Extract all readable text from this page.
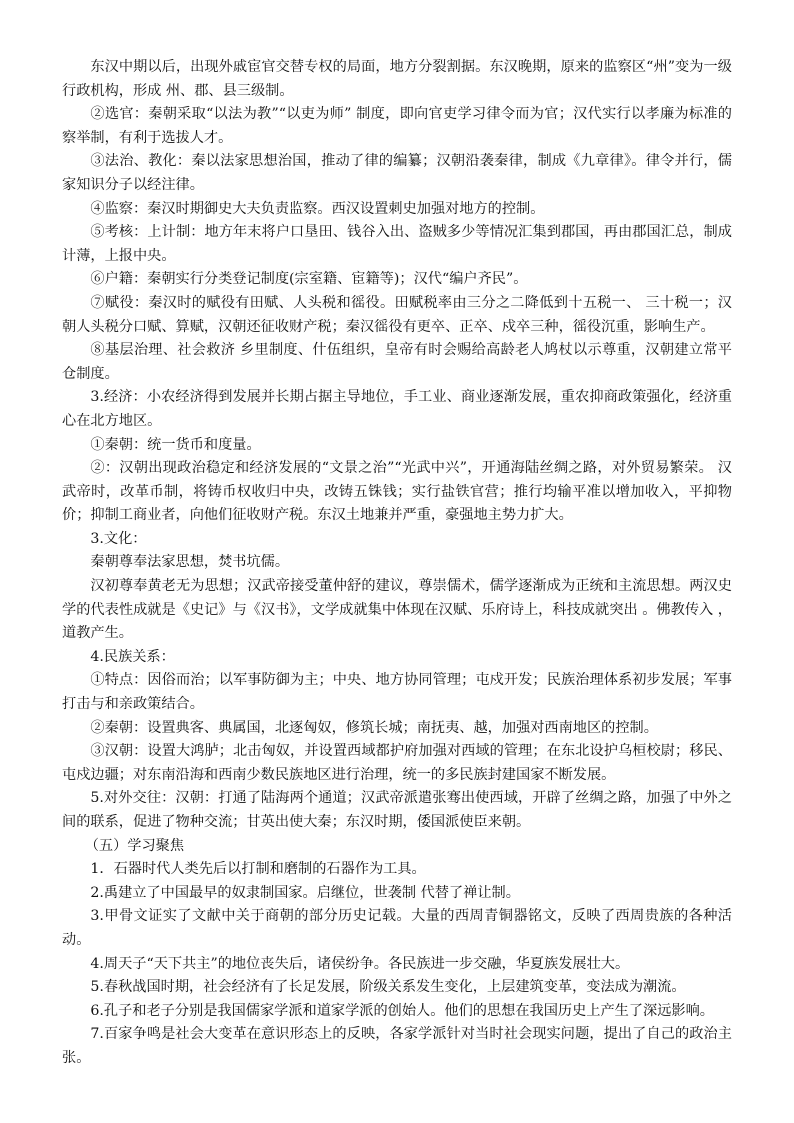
东汉中期以后，出现外戚宦官交替专权的局面，地方分裂割据。东汉晚期，原来的监察区“州”变为一级行政机构，形成 州、郡、县三级制。

②选官：秦朝采取“以法为教”“以吏为师” 制度，即向官吏学习律令而为官；汉代实行以孝廉为标准的察举制，有利于选拔人才。

③法治、教化：秦以法家思想治国，推动了律的编纂；汉朝沿袭秦律，制成《九章律》。律令并行，儒家知识分子以经注律。

④监察：秦汉时期御史大夫负责监察。西汉设置刺史加强对地方的控制。

⑤考核：上计制：地方年末将户口垦田、钱谷入出、盗贼多少等情况汇集到郡国，再由郡国汇总，制成计薄，上报中央。

⑥户籍：秦朝实行分类登记制度(宗室籍、宦籍等)；汉代“编户齐民”。

⑦赋役：秦汉时的赋役有田赋、人头税和徭役。田赋税率由三分之二降低到十五税一、 三十税一；汉朝人头税分口赋、算赋，汉朝还征收财产税；秦汉徭役有更卒、正卒、戍卒三种，徭役沉重，影响生产。

⑧基层治理、社会救济 乡里制度、什伍组织，皇帝有时会赐给高龄老人鸠杖以示尊重，汉朝建立常平仓制度。

3.经济：小农经济得到发展并长期占据主导地位，手工业、商业逐渐发展，重农抑商政策强化，经济重心在北方地区。

①秦朝：统一货币和度量。

②：汉朝出现政治稳定和经济发展的“文景之治”“光武中兴”，开通海陆丝绸之路，对外贸易繁荣。 汉武帝时，改革币制，将铸币权收归中央，改铸五铢钱；实行盐铁官营；推行均输平准以增加收入，平抑物价；抑制工商业者，向他们征收财产税。东汉土地兼并严重，豪强地主势力扩大。

3.文化：

秦朝尊奉法家思想，焚书坑儒。

汉初尊奉黄老无为思想；汉武帝接受董仲舒的建议，尊崇儒术，儒学逐渐成为正统和主流思想。两汉史学的代表性成就是《史记》与《汉书》，文学成就集中体现在汉赋、乐府诗上，科技成就突出 。佛教传入 ，道教产生。

4.民族关系：

①特点：因俗而治；以军事防御为主；中央、地方协同管理；屯戍开发；民族治理体系初步发展；军事打击与和亲政策结合。

②秦朝：设置典客、典属国，北逐匈奴，修筑长城；南抚夷、越，加强对西南地区的控制。

③汉朝：设置大鸿胪；北击匈奴，并设置西域都护府加强对西域的管理；在东北设护乌桓校尉；移民、屯戍边疆；对东南沿海和西南少数民族地区进行治理，统一的多民族封建国家不断发展。

5.对外交往：汉朝：打通了陆海两个通道；汉武帝派遣张骞出使西域，开辟了丝绸之路，加强了中外之间的联系，促进了物种交流；甘英出使大秦；东汉时期，倭国派使臣来朝。

（五）学习聚焦

1．石器时代人类先后以打制和磨制的石器作为工具。

2.禹建立了中国最早的奴隶制国家。启继位，世袭制 代替了禅让制。

3.甲骨文证实了文献中关于商朝的部分历史记载。大量的西周青铜器铭文，反映了西周贵族的各种活动。

4.周天子“天下共主”的地位丧失后，诸侯纷争。各民族进一步交融，华夏族发展壮大。

5.春秋战国时期，社会经济有了长足发展，阶级关系发生变化，上层建筑变革，变法成为潮流。

6.孔子和老子分别是我国儒家学派和道家学派的创始人。他们的思想在我国历史上产生了深远影响。

7.百家争鸣是社会大变革在意识形态上的反映，各家学派针对当时社会现实问题，提出了自己的政治主张。
